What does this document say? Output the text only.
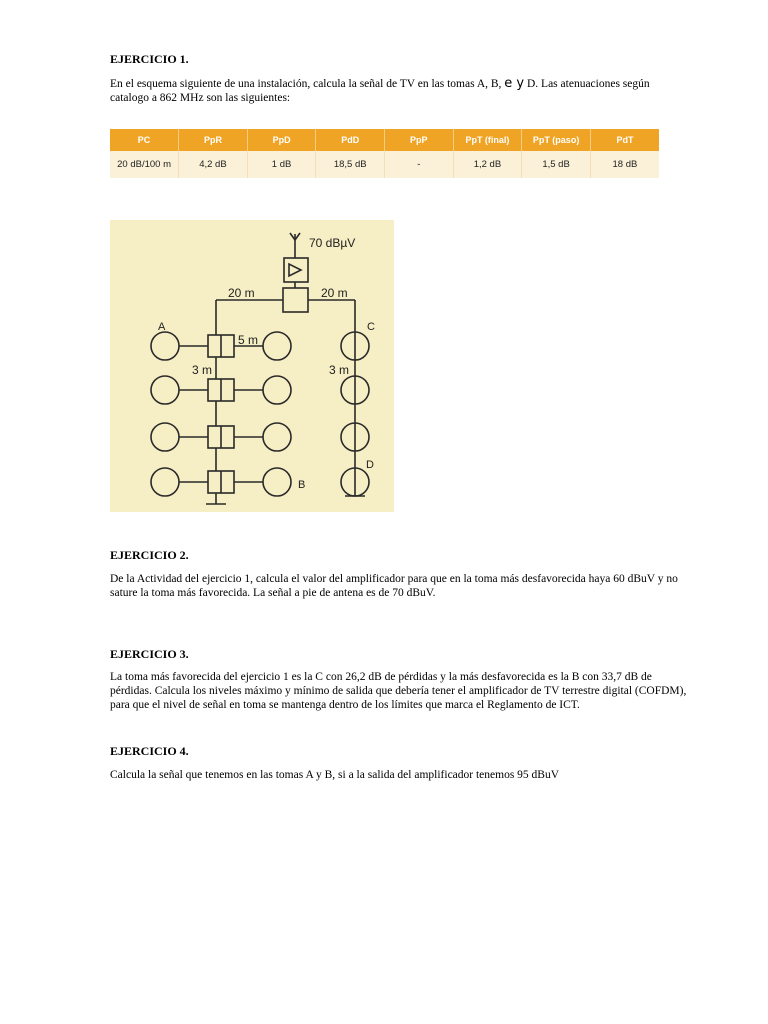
EJERCICIO 1.
En el esquema siguiente de una instalación, calcula la señal de TV en las tomas A, B, e y D. Las atenuaciones según
catalogo a 862 MHz son las siguientes:
PC	PpR	PpD	PdD	PpP	PpT (final)	PpT (paso)	PdT
20 dB/100 m	4,2 dB	1 dB	18,5 dB	-	1,2 dB	1,5 dB	18 dB
70 dBµV
20 m	20 m
5 m
3 m	3 m
A
B
C
D
EJERCICIO 2.
De la Actividad del ejercicio 1, calcula el valor del amplificador para que en la toma más desfavorecida haya 60 dBuV y no
sature la toma más favorecida. La señal a pie de antena es de 70 dBuV.
EJERCICIO 3.
La toma más favorecida del ejercicio 1 es la C con 26,2 dB de pérdidas y la más desfavorecida es la B con 33,7 dB de
pérdidas. Calcula los niveles máximo y mínimo de salida que debería tener el amplificador de TV terrestre digital (COFDM),
para que el nivel de señal en toma se mantenga dentro de los límites que marca el Reglamento de ICT.
EJERCICIO 4.
Calcula la señal que tenemos en las tomas A y B, si a la salida del amplificador tenemos 95 dBuV
